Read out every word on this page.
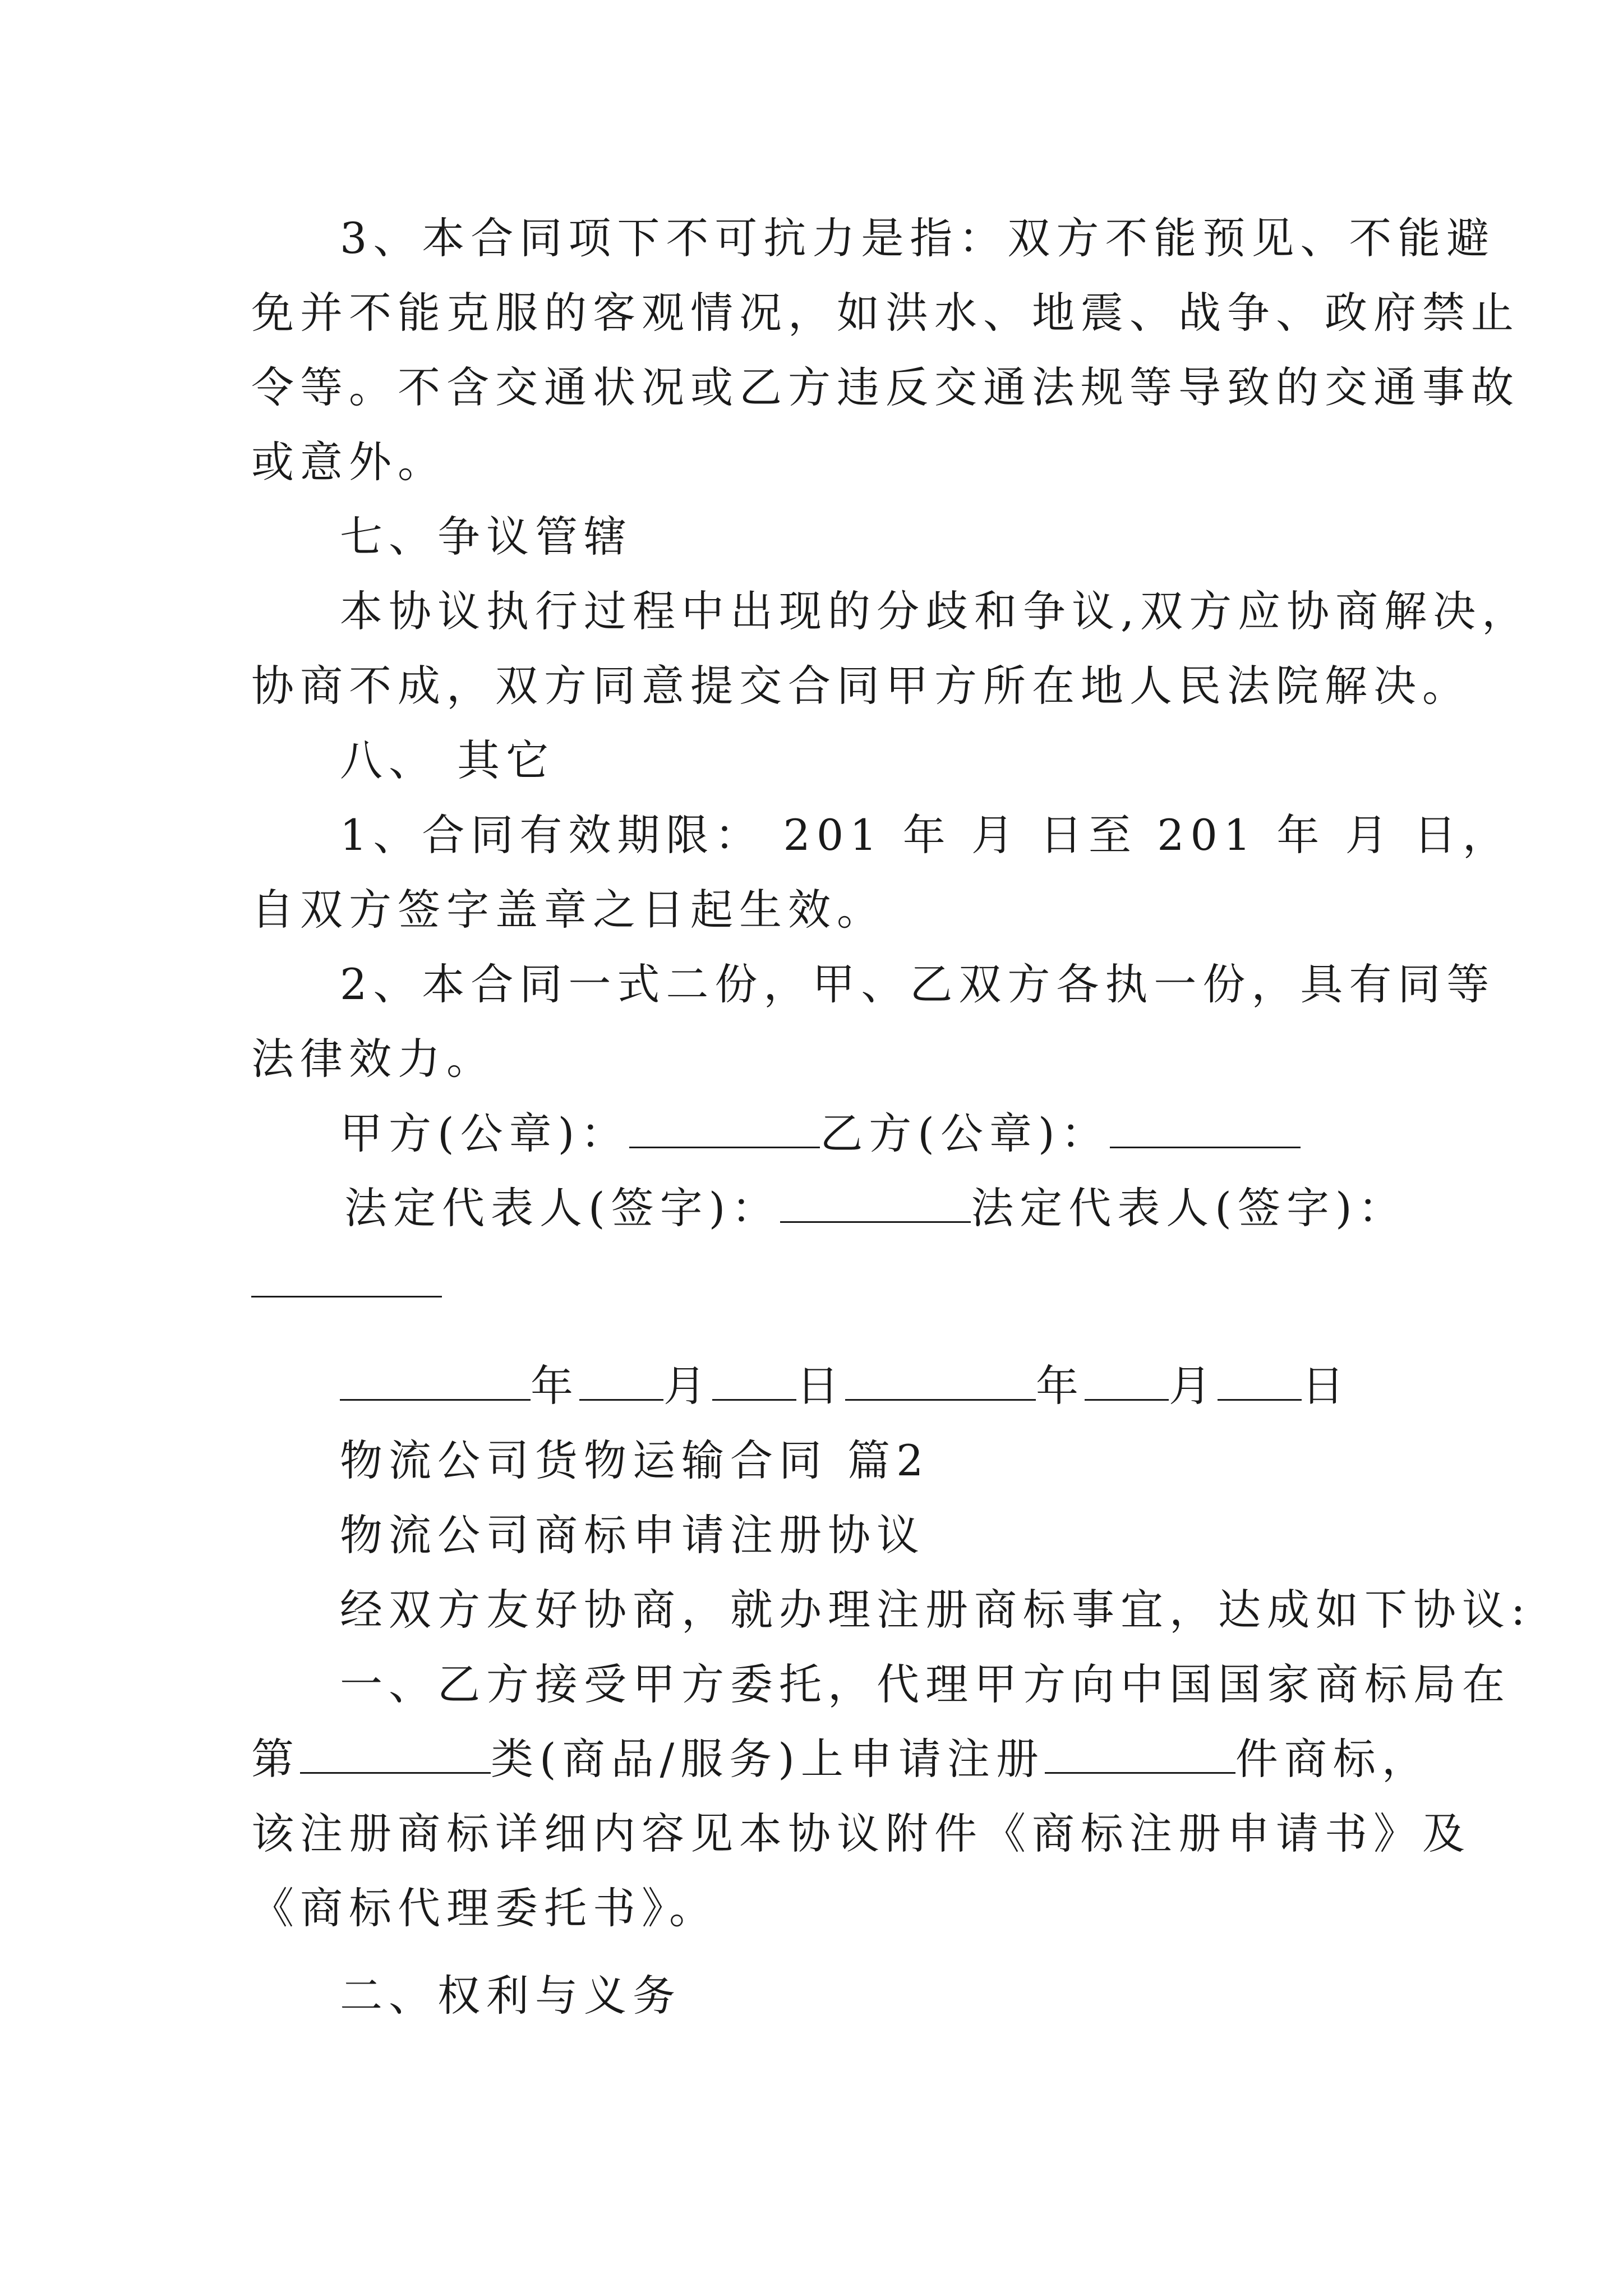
3、本合同项下不可抗力是指：双方不能预见、不能避
免并不能克服的客观情况，如洪水、地震、战争、政府禁止
令等。不含交通状况或乙方违反交通法规等导致的交通事故
或意外。
七、争议管辖
本协议执行过程中出现的分歧和争议,双方应协商解决，
协商不成，双方同意提交合同甲方所在地人民法院解决。
八、 其它
1、合同有效期限： 201 年 月 日至 201 年 月 日，
自双方签字盖章之日起生效。
2、本合同一式二份，甲、乙双方各执一份，具有同等
法律效力。
甲方(公章)：	乙方(公章)：
法定代表人(签字)：	法定代表人(签字)：
年 月 日	年 月 日
物流公司货物运输合同 篇2
物流公司商标申请注册协议
经双方友好协商，就办理注册商标事宜，达成如下协议:
一、乙方接受甲方委托，代理甲方向中国国家商标局在
第	类(商品/服务)上申请注册	件商标，
该注册商标详细内容见本协议附件《商标注册申请书》及
《商标代理委托书》。
二、权利与义务
